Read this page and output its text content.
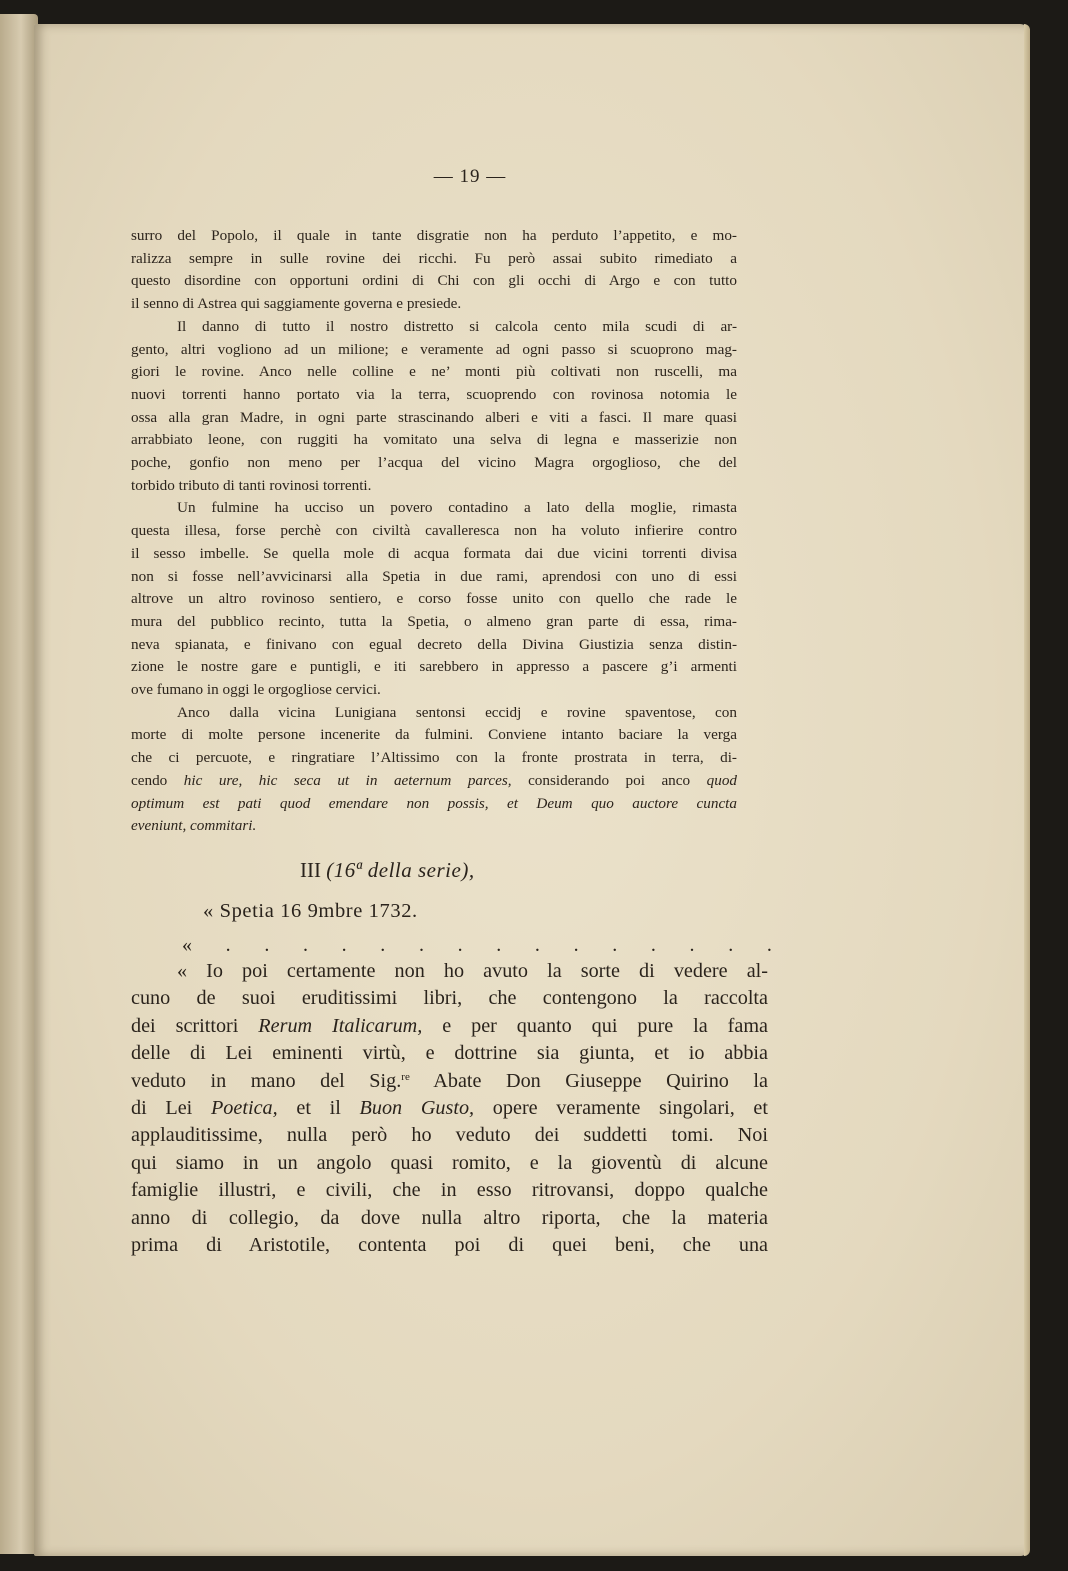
— 19 —

surro del Popolo, il quale in tante disgratie non ha perduto l’appetito, e mo-

ralizza sempre in sulle rovine dei ricchi. Fu però assai subito rimediato a

questo disordine con opportuni ordini di Chi con gli occhi di Argo e con tutto

il senno di Astrea qui saggiamente governa e presiede.

Il danno di tutto il nostro distretto si calcola cento mila scudi di ar-

gento, altri vogliono ad un milione; e veramente ad ogni passo si scuoprono mag-

giori le rovine. Anco nelle colline e ne’ monti più coltivati non ruscelli, ma

nuovi torrenti hanno portato via la terra, scuoprendo con rovinosa notomia le

ossa alla gran Madre, in ogni parte strascinando alberi e viti a fasci. Il mare quasi

arrabbiato leone, con ruggiti ha vomitato una selva di legna e masserizie non

poche, gonfio non meno per l’acqua del vicino Magra orgoglioso, che del

torbido tributo di tanti rovinosi torrenti.

Un fulmine ha ucciso un povero contadino a lato della moglie, rimasta

questa illesa, forse perchè con civiltà cavalleresca non ha voluto infierire contro

il sesso imbelle. Se quella mole di acqua formata dai due vicini torrenti divisa

non si fosse nell’avvicinarsi alla Spetia in due rami, aprendosi con uno di essi

altrove un altro rovinoso sentiero, e corso fosse unito con quello che rade le

mura del pubblico recinto, tutta la Spetia, o almeno gran parte di essa, rima-

neva spianata, e finivano con egual decreto della Divina Giustizia senza distin-

zione le nostre gare e puntigli, e iti sarebbero in appresso a pascere g’i armenti

ove fumano in oggi le orgogliose cervici.

Anco dalla vicina Lunigiana sentonsi eccidj e rovine spaventose, con

morte di molte persone incenerite da fulmini. Conviene intanto baciare la verga

che ci percuote, e ringratiare l’Altissimo con la fronte prostrata in terra, di-

cendo hic ure, hic seca ut in aeternum parces, considerando poi anco quod

optimum est pati quod emendare non possis, et Deum quo auctore cuncta

eveniunt, commitari.

III (16ª della serie),
« Spetia 16 9mbre 1732.
« . . . . . . . . . . . . . . .

« Io poi certamente non ho avuto la sorte di vedere al-

cuno de suoi eruditissimi libri, che contengono la raccolta

dei scrittori Rerum Italicarum, e per quanto qui pure la fama

delle di Lei eminenti virtù, e dottrine sia giunta, et io abbia

veduto in mano del Sig.$^{re}$ Abate Don Giuseppe Quirino la

di Lei Poetica, et il Buon Gusto, opere veramente singolari, et

applauditissime, nulla però ho veduto dei suddetti tomi. Noi

qui siamo in un angolo quasi romito, e la gioventù di alcune

famiglie illustri, e civili, che in esso ritrovansi, doppo qualche

anno di collegio, da dove nulla altro riporta, che la materia

prima di Aristotile, contenta poi di quei beni, che una
